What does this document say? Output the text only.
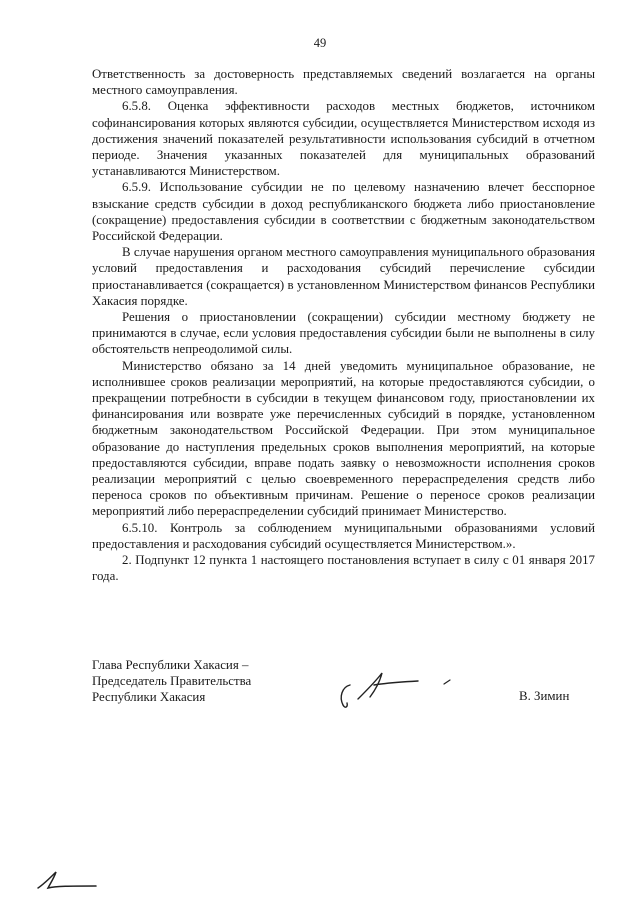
49

Ответственность за достоверность представляемых сведений возлагается на органы местного самоуправления.

6.5.8. Оценка эффективности расходов местных бюджетов, источником софинансирования которых являются субсидии, осуществляется Министерством исходя из достижения значений показателей результативности использования субсидий в отчетном периоде. Значения указанных показателей для муниципальных образований устанавливаются Министерством.

6.5.9. Использование субсидии не по целевому назначению влечет бесспорное взыскание средств субсидии в доход республиканского бюджета либо приостановление (сокращение) предоставления субсидии в соответствии с бюджетным законодательством Российской Федерации.

В случае нарушения органом местного самоуправления муниципального образования условий предоставления и расходования субсидий перечисление субсидии приостанавливается (сокращается) в установленном Министерством финансов Республики Хакасия порядке.

Решения о приостановлении (сокращении) субсидии местному бюджету не принимаются в случае, если условия предоставления субсидии были не выполнены в силу обстоятельств непреодолимой силы.

Министерство обязано за 14 дней уведомить муниципальное образование, не исполнившее сроков реализации мероприятий, на которые предоставляются субсидии, о прекращении потребности в субсидии в текущем финансовом году, приостановлении их финансирования или возврате уже перечисленных субсидий в порядке, установленном бюджетным законодательством Российской Федерации. При этом муниципальное образование до наступления предельных сроков выполнения мероприятий, на которые предоставляются субсидии, вправе подать заявку о невозможности исполнения сроков реализации мероприятий с целью своевременного перераспределения средств либо переноса сроков по объективным причинам. Решение о переносе сроков реализации мероприятий либо перераспределении субсидий принимает Министерство.

6.5.10. Контроль за соблюдением муниципальными образованиями условий предоставления и расходования субсидий осуществляется Министерством.».

2. Подпункт 12 пункта 1 настоящего постановления вступает в силу с 01 января 2017 года.

Глава Республики Хакасия –
Председатель Правительства
Республики Хакасия	В. Зимин
